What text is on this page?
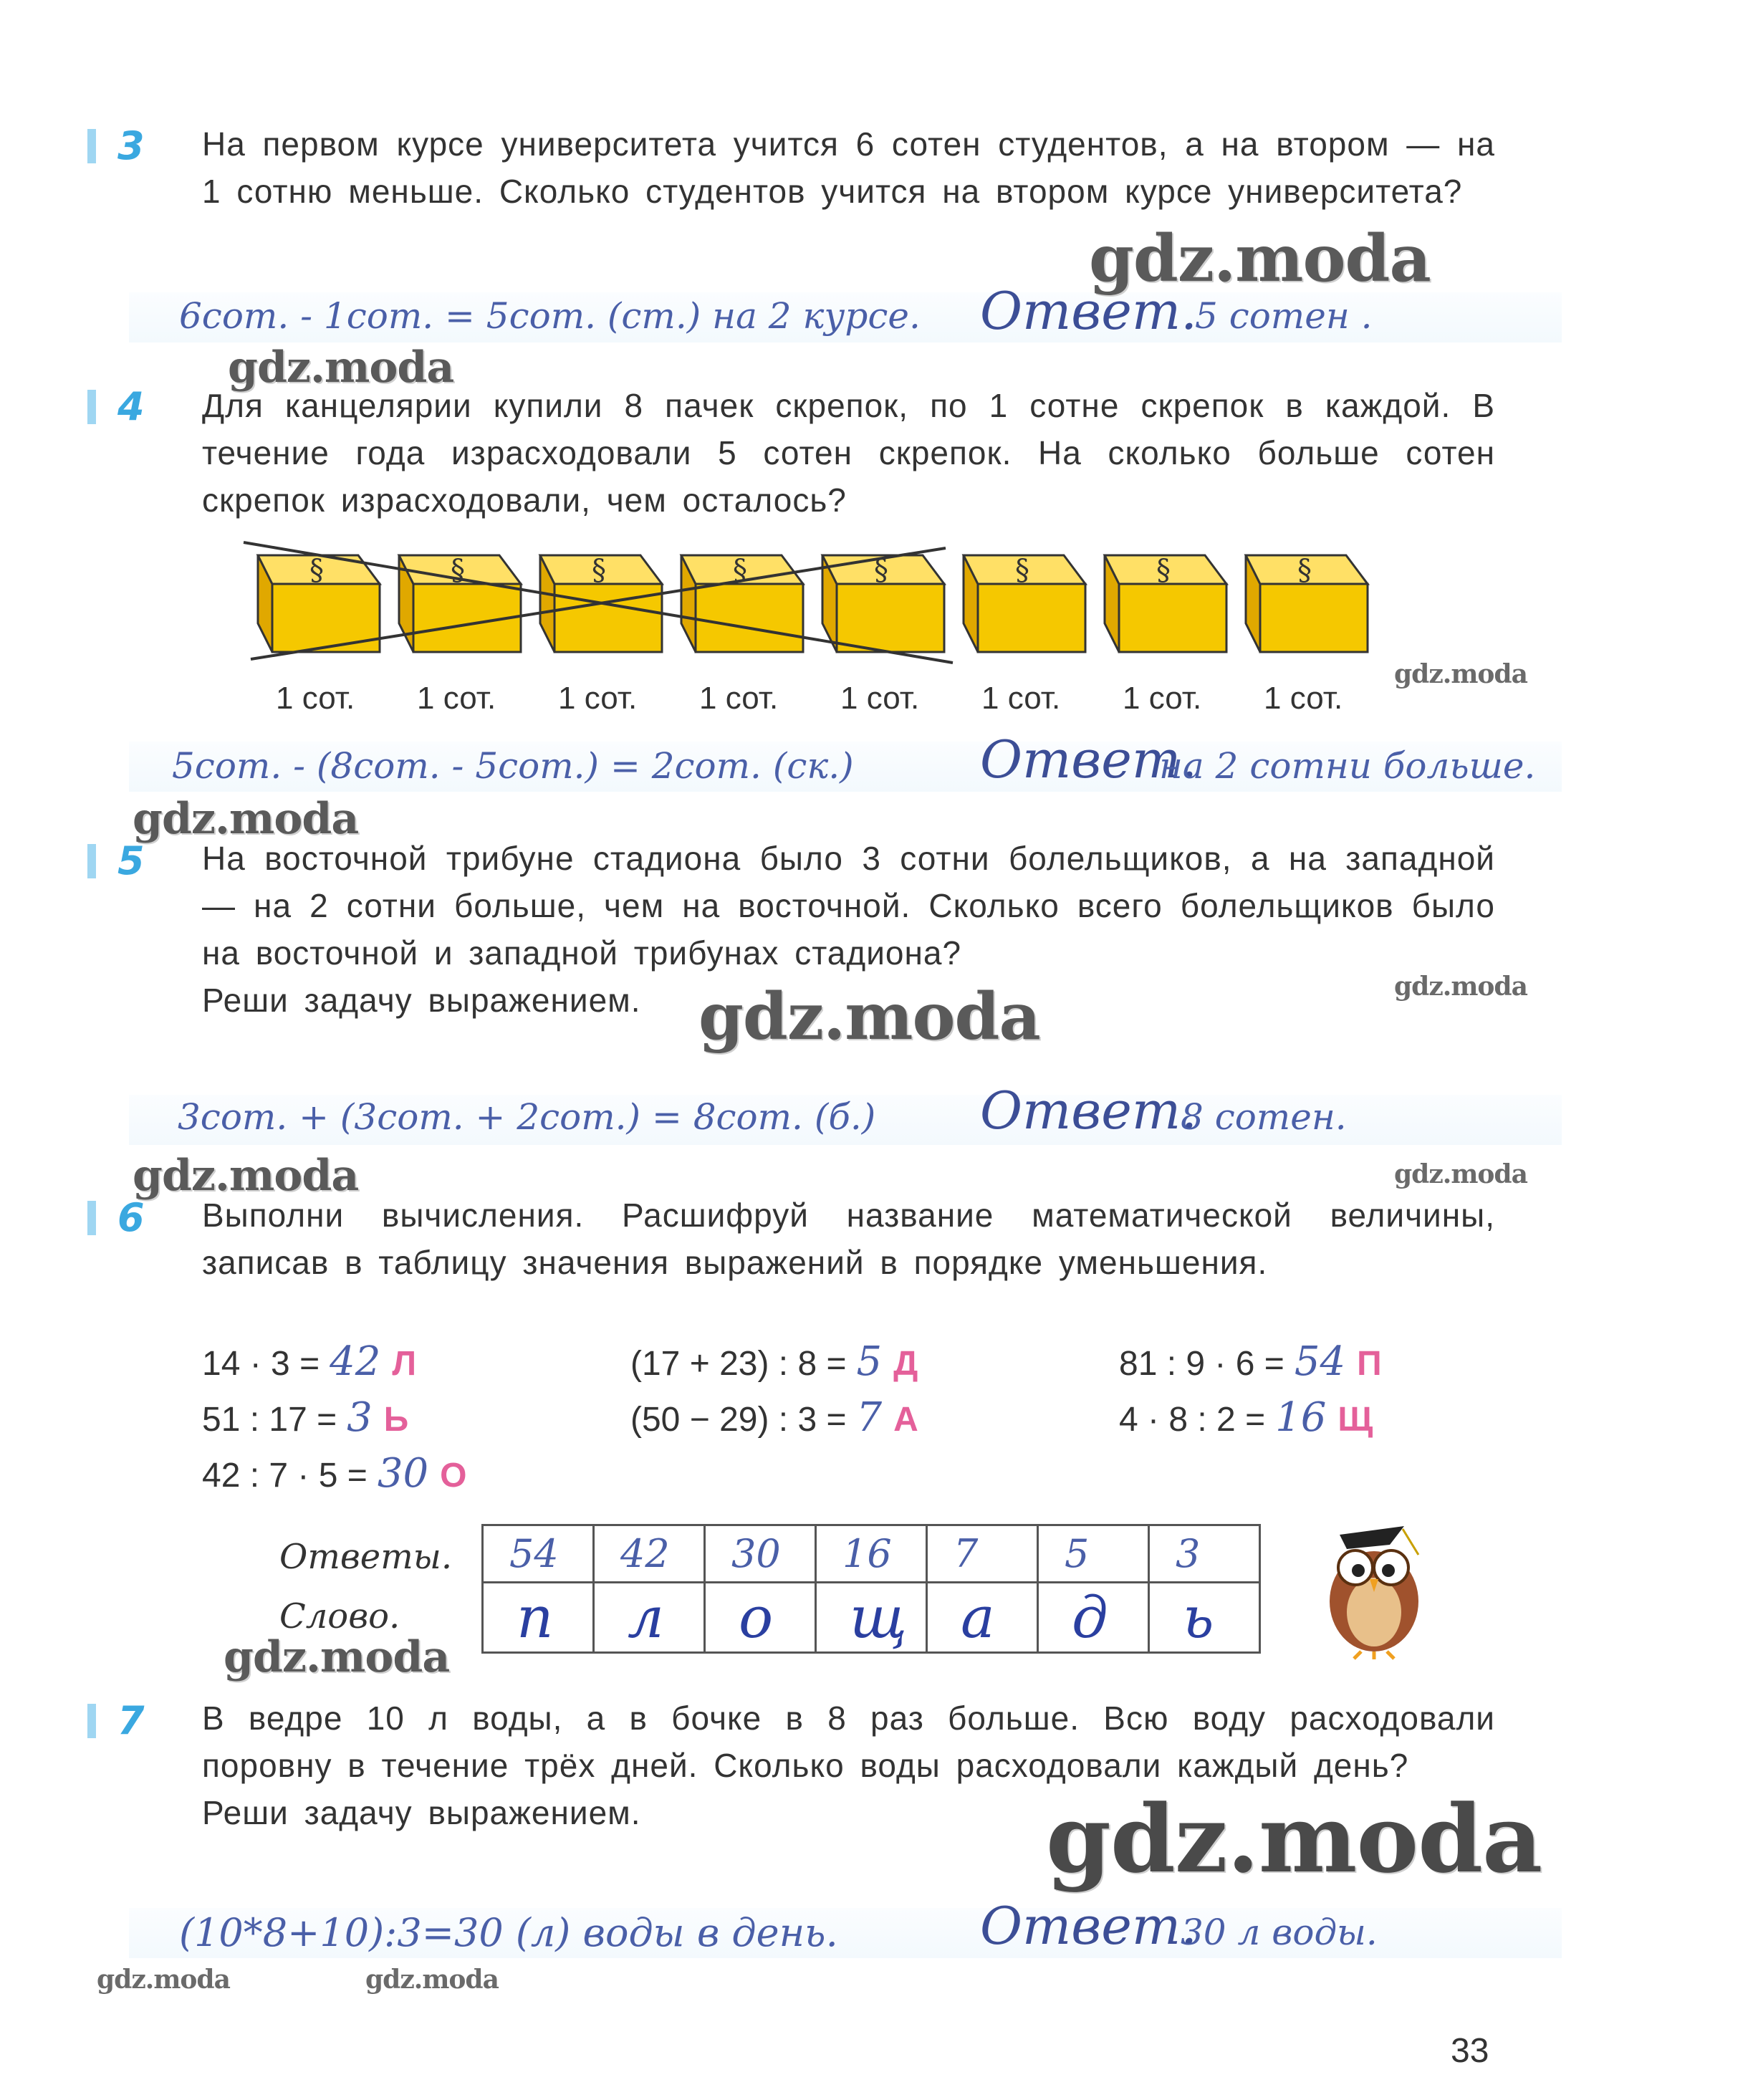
3	На первом курсе университета учится 6 сотен студентов, а на втором — на 1 сотню меньше. Сколько студентов учится на втором курсе университета?

6сот. - 1сот. = 5сот. (ст.) на 2 курсе. Ответ.
5 сотен .
4	Для канцелярии купили 8 пачек скрепок, по 1 сотне скрепок в каждой. В течение года израсходовали 5 сотен скрепок. На сколько больше сотен скрепок израсходовали, чем осталось?

§	§	§	§	§	§	§	§
1 сот. 1 сот. 1 сот. 1 сот. 1 сот. 1 сот. 1 сот. 1 сот.
5сот. - (8сот. - 5сот.) = 2сот. (ск.) Ответ.
на 2 сотни больше.
5	На восточной трибуне стадиона было 3 сотни болельщиков, а на западной — на 2 сотни больше, чем на восточной. Сколько всего болельщиков было на восточной и западной трибунах стадиона?

Реши задачу выражением.

3сот. + (3сот. + 2сот.) = 8сот. (б.) Ответ.
8 сотен.
6	Выполни вычисления. Расшифруй название математической величины, записав в таблицу значения выражений в порядке уменьшения.

14 · 3 = 42 Л	(17 + 23) : 8 = 5 Д	81 : 9 · 6 = 54 П
51 : 17 = 3 Ь	(50 − 29) : 3 = 7 А	4 · 8 : 2 = 16 Щ
42 : 7 · 5 = 30 О
Ответы.
Слово.
54	42	30	16	7	5	3
п	л	о	щ	а	д	ь
7	В ведре 10 л воды, а в бочке в 8 раз больше. Всю воду расходовали поровну в течение трёх дней. Сколько воды расходовали каждый день?

Реши задачу выражением.

(10*8+10):3=30 (л) воды в день.	Ответ.
30 л воды.
33
gdz.moda
gdz.moda
gdz.moda
gdz.moda
gdz.moda	gdz.moda
gdz.moda	gdz.moda
gdz.moda
gdz.moda
gdz.moda	gdz.moda
